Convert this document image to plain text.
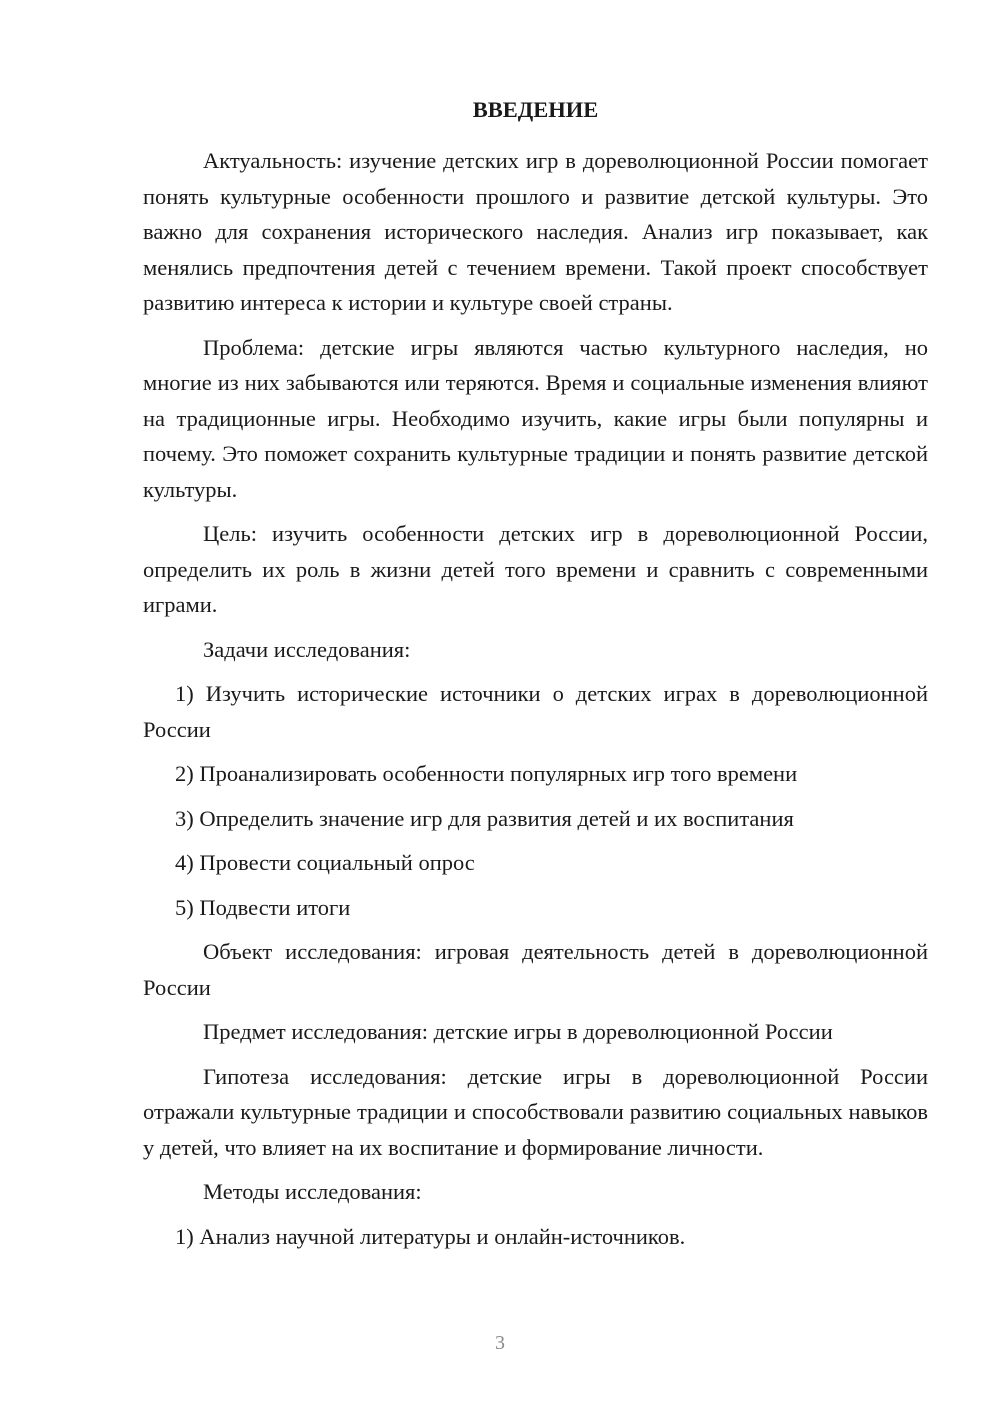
ВВЕДЕНИЕ

Актуальность: изучение детских игр в дореволюционной России помогает понять культурные особенности прошлого и развитие детской культуры. Это важно для сохранения исторического наследия. Анализ игр показывает, как менялись предпочтения детей с течением времени. Такой проект способствует развитию интереса к истории и культуре своей страны.

Проблема: детские игры являются частью культурного наследия, но многие из них забываются или теряются. Время и социальные изменения влияют на традиционные игры. Необходимо изучить, какие игры были популярны и почему. Это поможет сохранить культурные традиции и понять развитие детской культуры.

Цель: изучить особенности детских игр в дореволюционной России, определить их роль в жизни детей того времени и сравнить с современными играми.

Задачи исследования:

1) Изучить исторические источники о детских играх в дореволюционной России

2) Проанализировать особенности популярных игр того времени

3) Определить значение игр для развития детей и их воспитания

4) Провести социальный опрос

5) Подвести итоги

Объект исследования: игровая деятельность детей в дореволюционной России

Предмет исследования: детские игры в дореволюционной России

Гипотеза исследования: детские игры в дореволюционной России отражали культурные традиции и способствовали развитию социальных навыков у детей, что влияет на их воспитание и формирование личности.

Методы исследования:

1) Анализ научной литературы и онлайн-источников.

3
